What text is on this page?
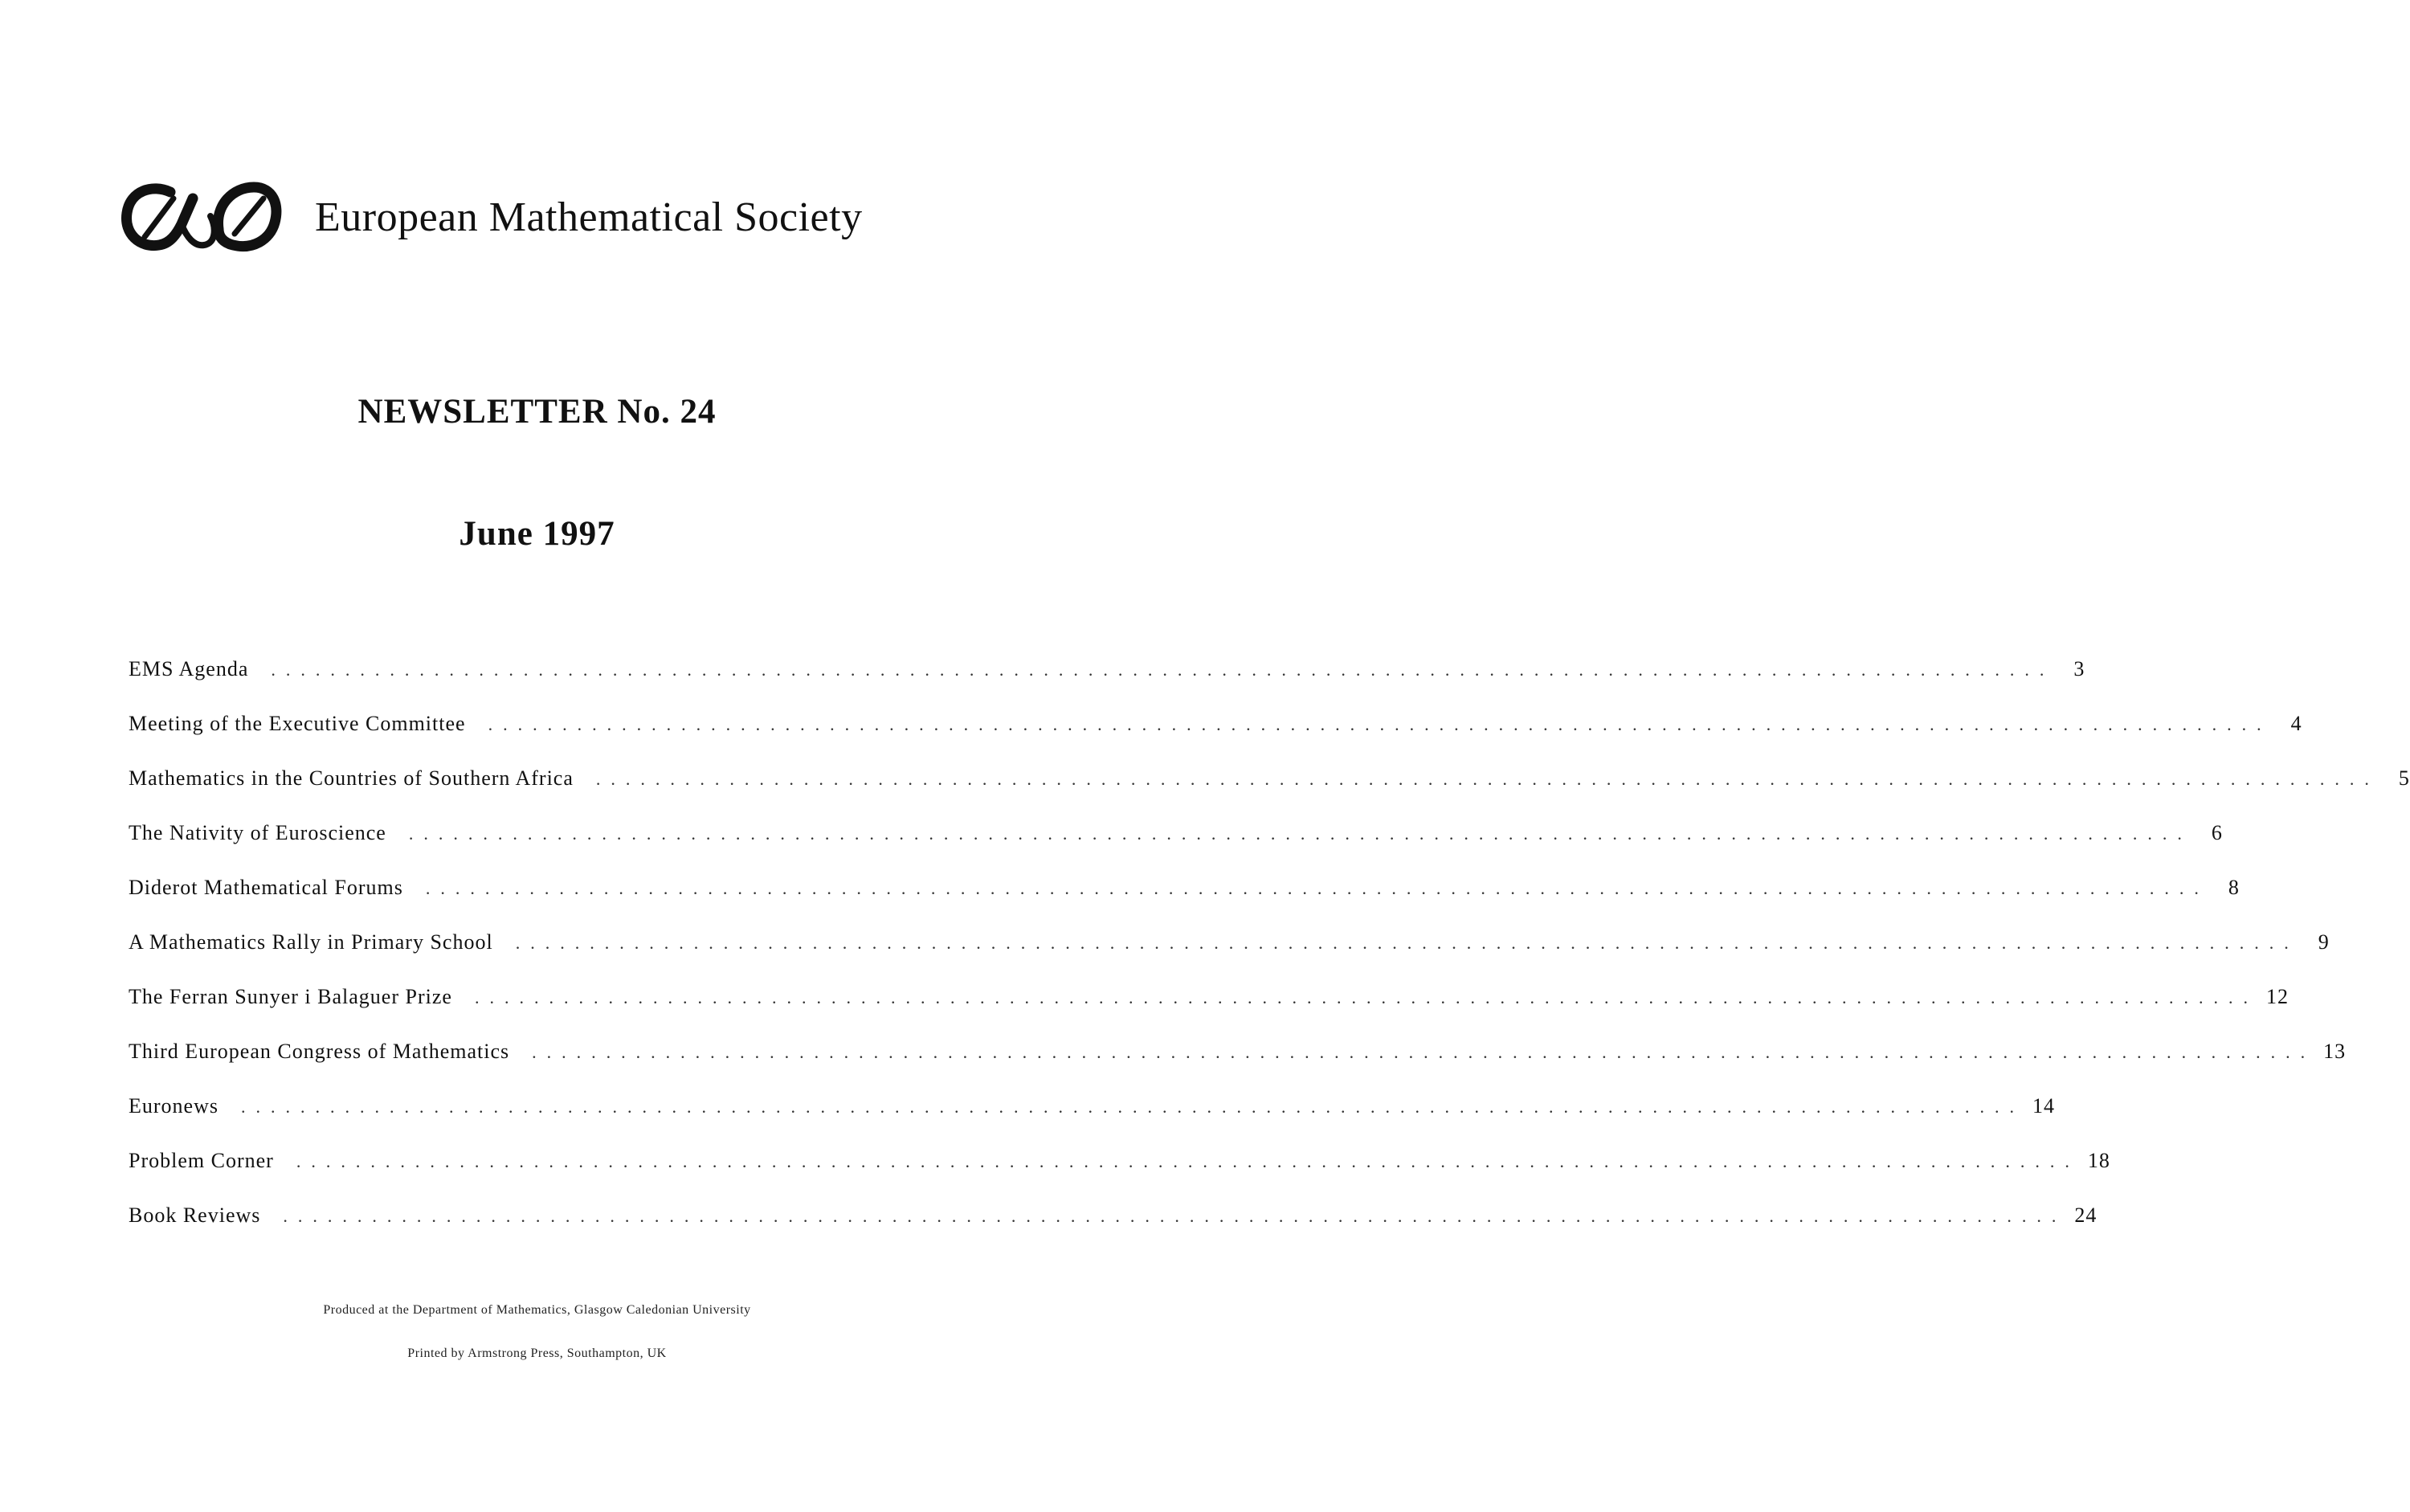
European Mathematical Society
NEWSLETTER No. 24
June 1997
EMS Agenda	........................................................................................................................ 3
Meeting of the Executive Committee	........................................................................................................................ 4
Mathematics in the Countries of Southern Africa	........................................................................................................................ 5
The Nativity of Euroscience	........................................................................................................................ 6
Diderot Mathematical Forums	........................................................................................................................ 8
A Mathematics Rally in Primary School	........................................................................................................................ 9
The Ferran Sunyer i Balaguer Prize	........................................................................................................................ 12
Third European Congress of Mathematics	........................................................................................................................ 13
Euronews	........................................................................................................................ 14
Problem Corner	........................................................................................................................ 18
Book Reviews	........................................................................................................................ 24
Produced at the Department of Mathematics, Glasgow Caledonian University
Printed by Armstrong Press, Southampton, UK
